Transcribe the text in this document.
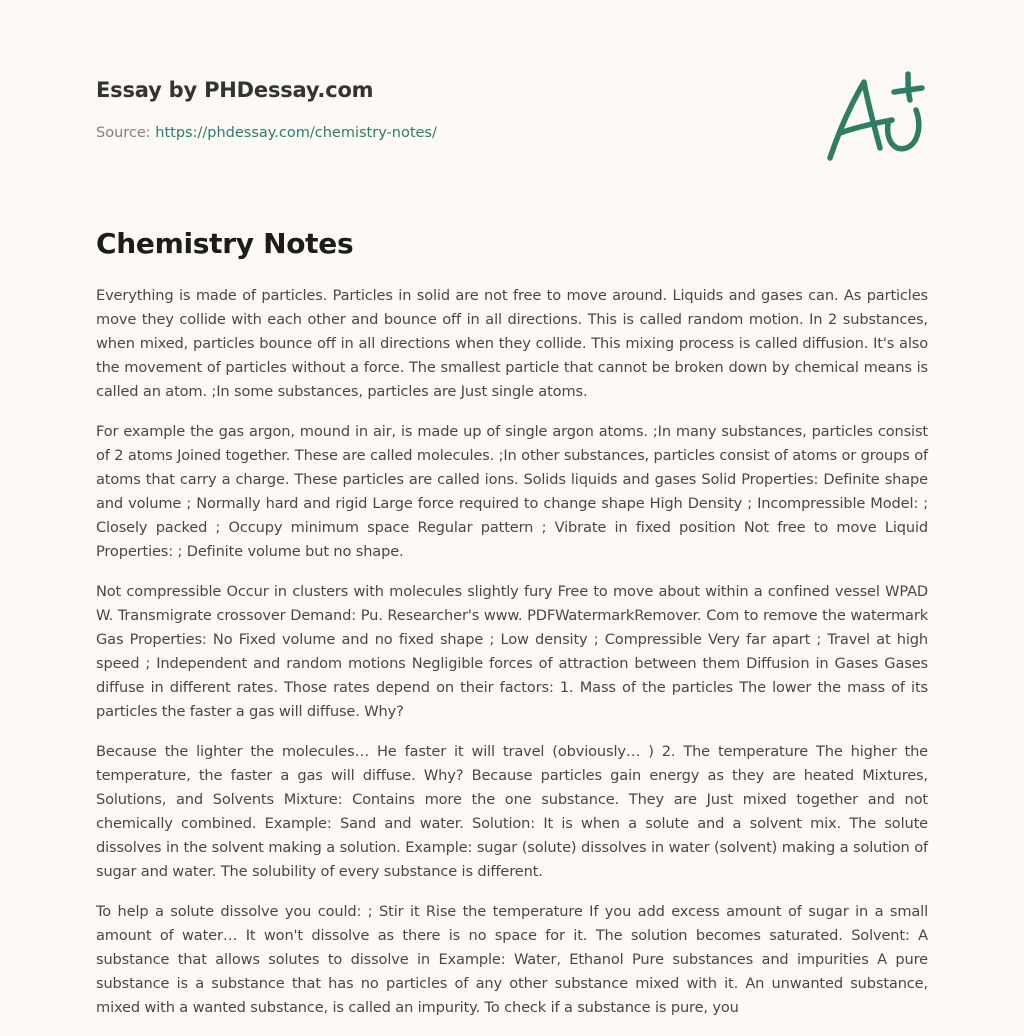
Essay by PHDessay.com
Source: https://phdessay.com/chemistry-notes/
Chemistry Notes

Everything is made of particles. Particles in solid are not free to move around. Liquids and gases can. As particles move they collide with each other and bounce off in all directions. This is called random motion. In 2 substances, when mixed, particles bounce off in all directions when they collide. This mixing process is called diffusion. It's also the movement of particles without a force. The smallest particle that cannot be broken down by chemical means is called an atom. ;In some substances, particles are Just single atoms.

For example the gas argon, mound in air, is made up of single argon atoms. ;In many substances, particles consist of 2 atoms Joined together. These are called molecules. ;In other substances, particles consist of atoms or groups of atoms that carry a charge. These particles are called ions. Solids liquids and gases Solid Properties: Definite shape and volume ; Normally hard and rigid Large force required to change shape High Density ; Incompressible Model: ; Closely packed ; Occupy minimum space Regular pattern ; Vibrate in fixed position Not free to move Liquid Properties: ; Definite volume but no shape.

Not compressible Occur in clusters with molecules slightly fury Free to move about within a confined vessel WPAD W. Transmigrate crossover Demand: Pu. Researcher's www. PDFWatermarkRemover. Com to remove the watermark Gas Properties: No Fixed volume and no fixed shape ; Low density ; Compressible Very far apart ; Travel at high speed ; Independent and random motions Negligible forces of attraction between them Diffusion in Gases Gases diffuse in different rates. Those rates depend on their factors: 1. Mass of the particles The lower the mass of its particles the faster a gas will diffuse. Why?

Because the lighter the molecules… He faster it will travel (obviously… ) 2. The temperature The higher the temperature, the faster a gas will diffuse. Why? Because particles gain energy as they are heated Mixtures, Solutions, and Solvents Mixture: Contains more the one substance. They are Just mixed together and not chemically combined. Example: Sand and water. Solution: It is when a solute and a solvent mix. The solute dissolves in the solvent making a solution. Example: sugar (solute) dissolves in water (solvent) making a solution of sugar and water. The solubility of every substance is different.

To help a solute dissolve you could: ; Stir it Rise the temperature If you add excess amount of sugar in a small amount of water… It won't dissolve as there is no space for it. The solution becomes saturated. Solvent: A substance that allows solutes to dissolve in Example: Water, Ethanol Pure substances and impurities A pure substance is a substance that has no particles of any other substance mixed with it. An unwanted substance, mixed with a wanted substance, is called an impurity. To check if a substance is pure, you
